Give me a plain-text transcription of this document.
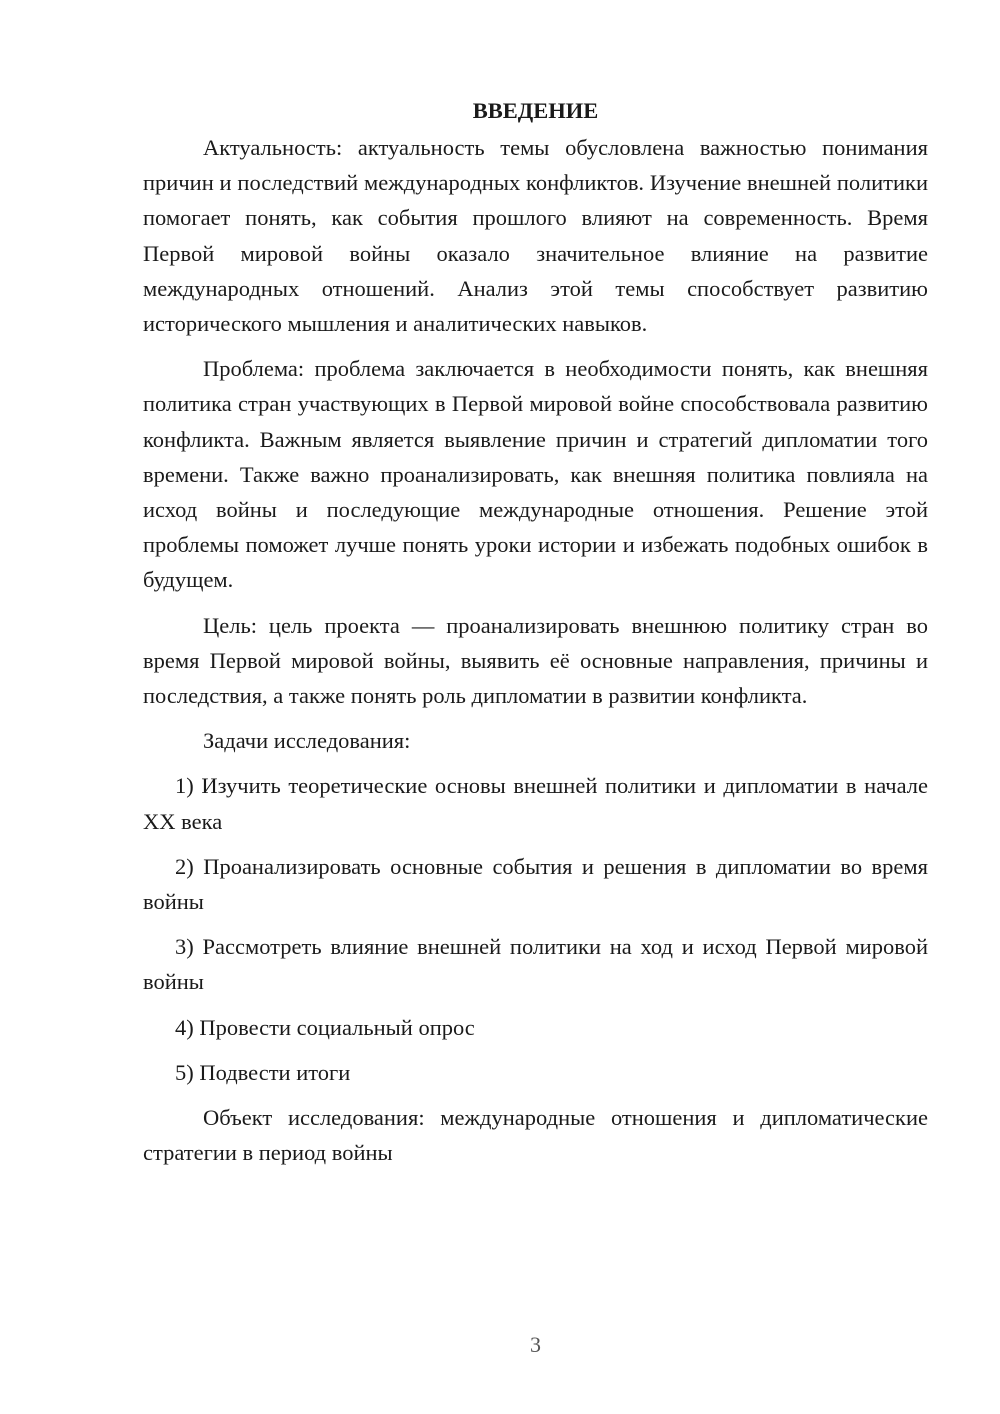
ВВЕДЕНИЕ

Актуальность: актуальность темы обусловлена важностью понимания причин и последствий международных конфликтов. Изучение внешней политики помогает понять, как события прошлого влияют на современность. Время Первой мировой войны оказало значительное влияние на развитие международных отношений. Анализ этой темы способствует развитию исторического мышления и аналитических навыков.

Проблема: проблема заключается в необходимости понять, как внешняя политика стран участвующих в Первой мировой войне способствовала развитию конфликта. Важным является выявление причин и стратегий дипломатии того времени. Также важно проанализировать, как внешняя политика повлияла на исход войны и последующие международные отношения. Решение этой проблемы поможет лучше понять уроки истории и избежать подобных ошибок в будущем.

Цель: цель проекта — проанализировать внешнюю политику стран во время Первой мировой войны, выявить её основные направления, причины и последствия, а также понять роль дипломатии в развитии конфликта.

Задачи исследования:

1) Изучить теоретические основы внешней политики и дипломатии в начале XX века

2) Проанализировать основные события и решения в дипломатии во время войны

3) Рассмотреть влияние внешней политики на ход и исход Первой мировой войны

4) Провести социальный опрос

5) Подвести итоги

Объект исследования: международные отношения и дипломатические стратегии в период войны

3
